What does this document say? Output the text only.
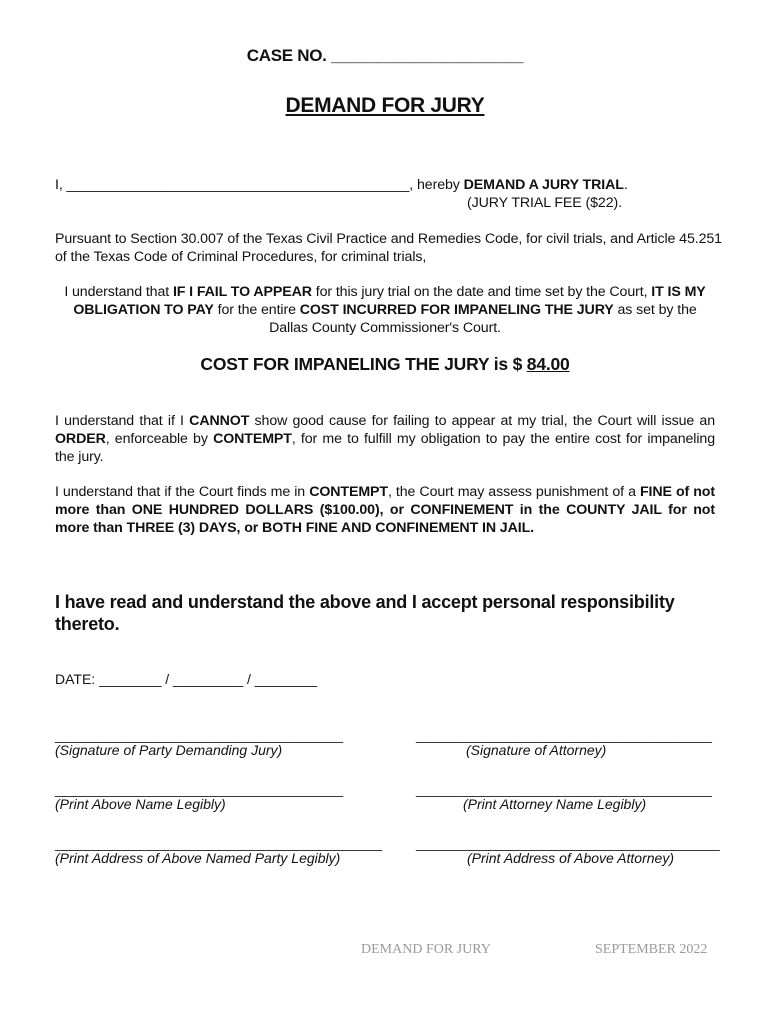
CASE NO. _____________________
DEMAND FOR JURY
I, ____________________________________________, hereby DEMAND A JURY TRIAL.
(JURY TRIAL FEE ($22).
Pursuant to Section 30.007 of the Texas Civil Practice and Remedies Code, for civil trials, and Article 45.251 of the Texas Code of Criminal Procedures, for criminal trials,
I understand that IF I FAIL TO APPEAR for this jury trial on the date and time set by the Court, IT IS MY OBLIGATION TO PAY for the entire COST INCURRED FOR IMPANELING THE JURY as set by the Dallas County Commissioner's Court.
COST FOR IMPANELING THE JURY is $ 84.00
I understand that if I CANNOT show good cause for failing to appear at my trial, the Court will issue an ORDER, enforceable by CONTEMPT, for me to fulfill my obligation to pay the entire cost for impaneling the jury.
I understand that if the Court finds me in CONTEMPT, the Court may assess punishment of a FINE of not more than ONE HUNDRED DOLLARS ($100.00), or CONFINEMENT in the COUNTY JAIL for not more than THREE (3) DAYS, or BOTH FINE AND CONFINEMENT IN JAIL.
I have read and understand the above and I accept personal responsibility thereto.
DATE: ________ / _________ / ________
_____________________________________
(Signature of Party Demanding Jury)
______________________________________
(Signature of Attorney)
_____________________________________
(Print Above Name Legibly)
______________________________________
(Print Attorney Name Legibly)
__________________________________________
(Print Address of Above Named Party Legibly)
_______________________________________
(Print Address of Above Attorney)
DEMAND FOR JURY	SEPTEMBER 2022
